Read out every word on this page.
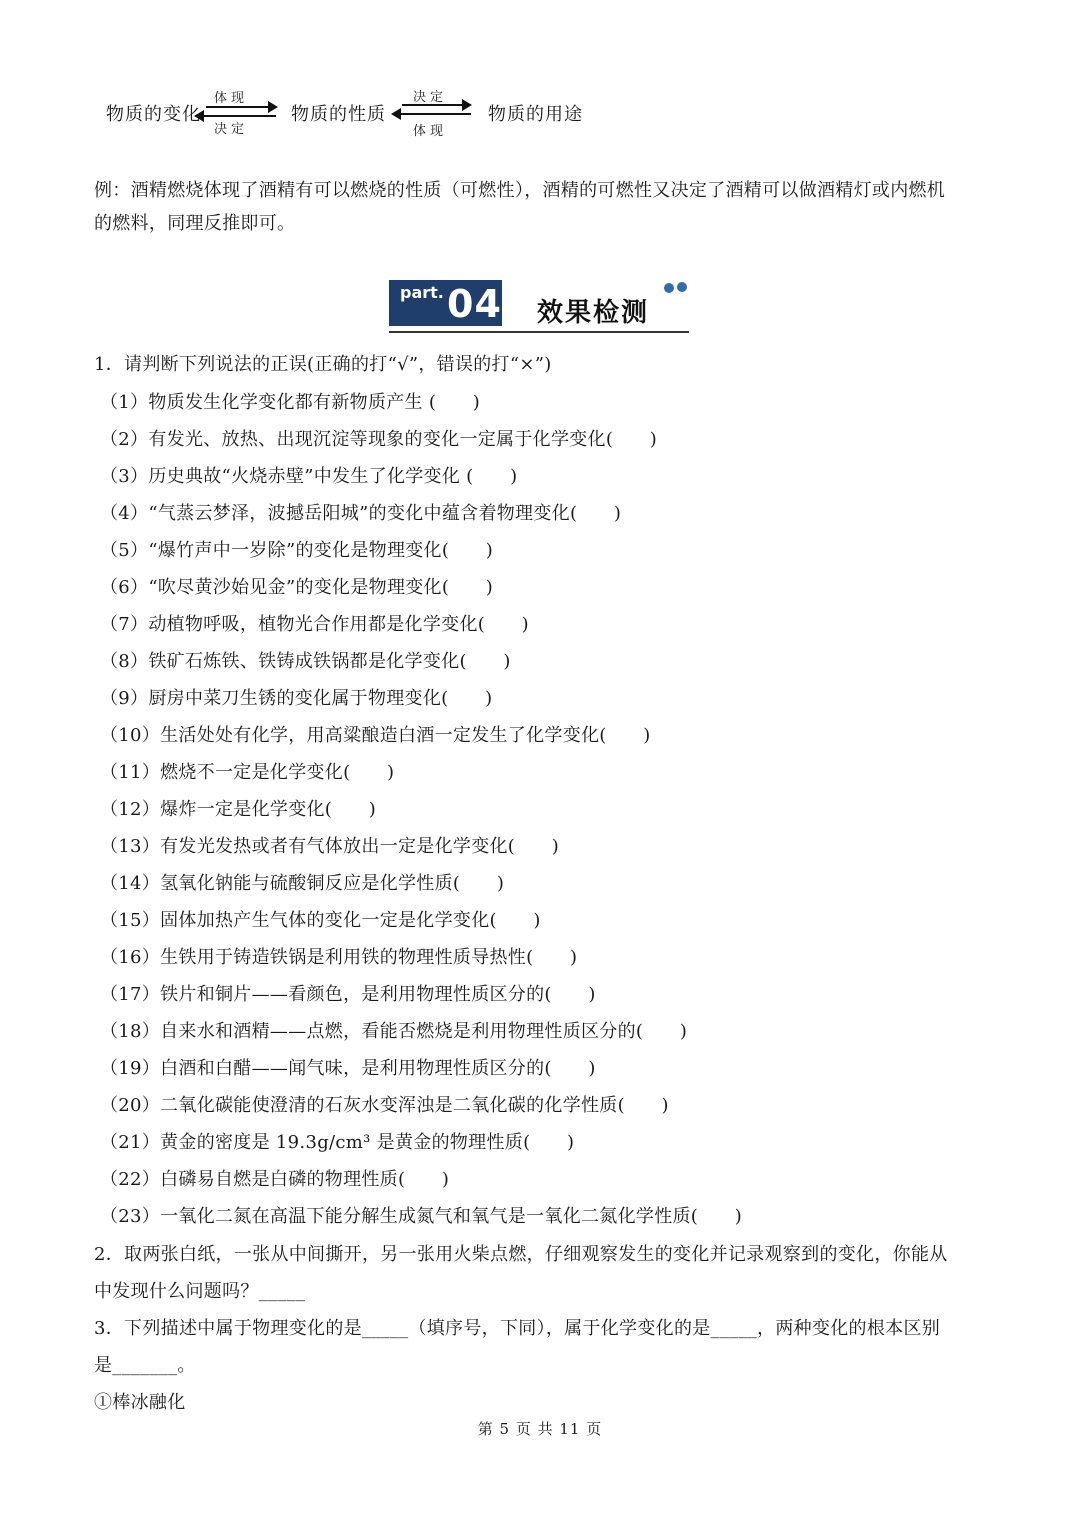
物质的变化
体现
决定
物质的性质
决定
体现
物质的用途
例：酒精燃烧体现了酒精有可以燃烧的性质（可燃性），酒精的可燃性又决定了酒精可以做酒精灯或内燃机
的燃料，同理反推即可。
part. 04 效果检测
1．请判断下列说法的正误(正确的打“√”，错误的打“×”)
（1）物质发生化学变化都有新物质产生 (　　)
（2）有发光、放热、出现沉淀等现象的变化一定属于化学变化(　　)
（3）历史典故“火烧赤壁”中发生了化学变化 (　　)
（4）“气蒸云梦泽，波撼岳阳城”的变化中蕴含着物理变化(　　)
（5）“爆竹声中一岁除”的变化是物理变化(　　)
（6）“吹尽黄沙始见金”的变化是物理变化(　　)
（7）动植物呼吸，植物光合作用都是化学变化(　　)
（8）铁矿石炼铁、铁铸成铁锅都是化学变化(　　)
（9）厨房中菜刀生锈的变化属于物理变化(　　)
（10）生活处处有化学，用高粱酿造白酒一定发生了化学变化(　　)
（11）燃烧不一定是化学变化(　　)
（12）爆炸一定是化学变化(　　)
（13）有发光发热或者有气体放出一定是化学变化(　　)
（14）氢氧化钠能与硫酸铜反应是化学性质(　　)
（15）固体加热产生气体的变化一定是化学变化(　　)
（16）生铁用于铸造铁锅是利用铁的物理性质导热性(　　)
（17）铁片和铜片——看颜色，是利用物理性质区分的(　　)
（18）自来水和酒精——点燃，看能否燃烧是利用物理性质区分的(　　)
（19）白酒和白醋——闻气味，是利用物理性质区分的(　　)
（20）二氧化碳能使澄清的石灰水变浑浊是二氧化碳的化学性质(　　)
（21）黄金的密度是 19.3g/cm³ 是黄金的物理性质(　　)
（22）白磷易自燃是白磷的物理性质(　　)
（23）一氧化二氮在高温下能分解生成氮气和氧气是一氧化二氮化学性质(　　)
2．取两张白纸，一张从中间撕开，另一张用火柴点燃，仔细观察发生的变化并记录观察到的变化，你能从
中发现什么问题吗？_____
3．下列描述中属于物理变化的是_____（填序号，下同），属于化学变化的是_____，两种变化的根本区别
是_______。
①棒冰融化
第 5 页 共 11 页
